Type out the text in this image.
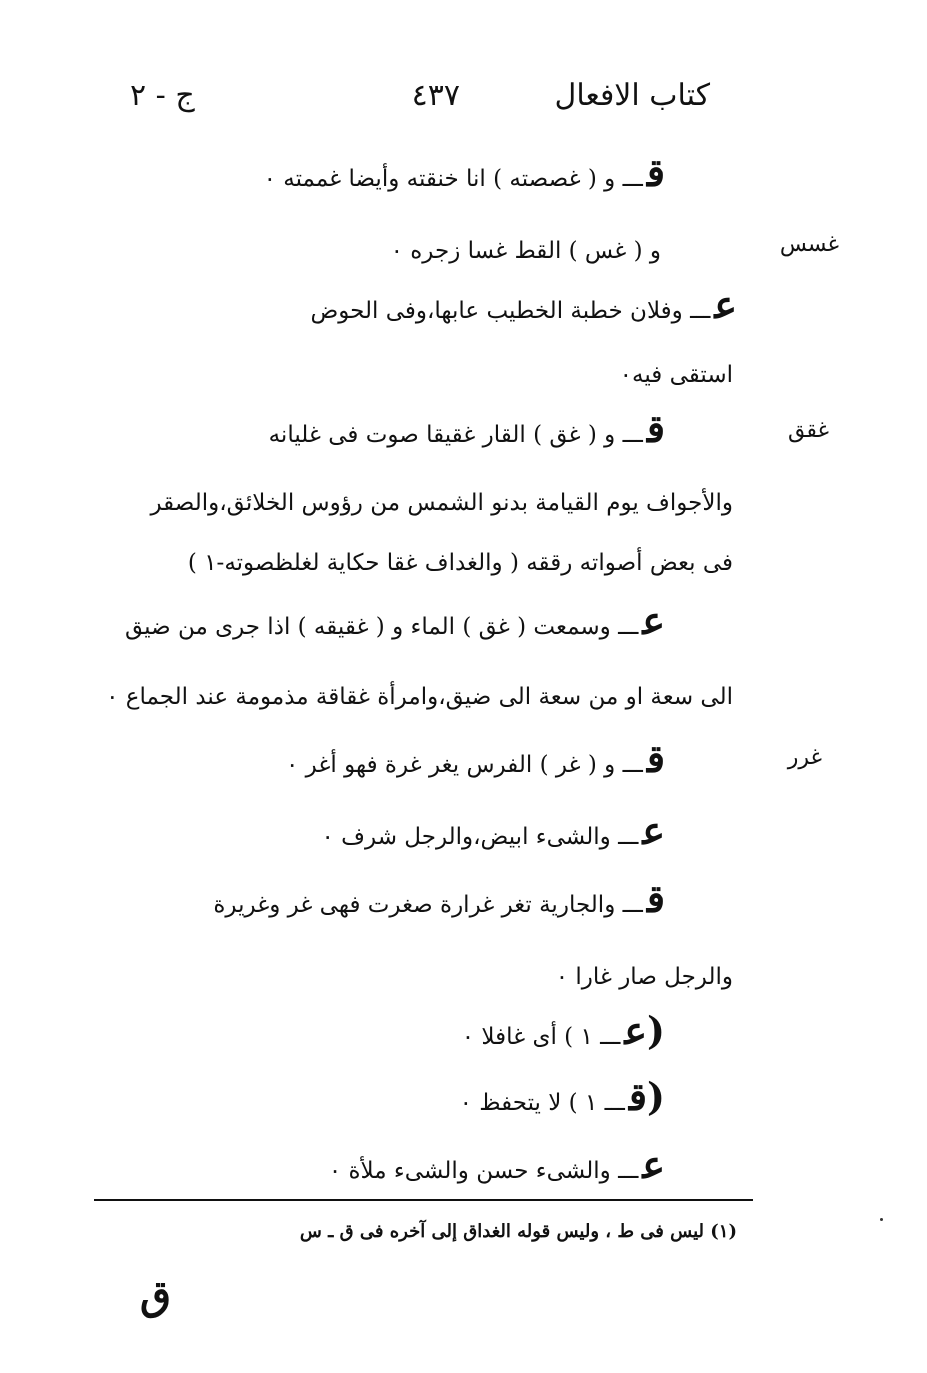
كتاب الافعال
٤٣٧
ج - ٢
غسس
غقق
غرر
قـــ و ( غصصته ) انا خنقته وأيضا غممته ٠
و ( غس ) القط غسا زجره ٠
عـــ وفلان خطبة الخطيب عابها،وفى الحوض
استقى فيه٠
قـــ و ( غق ) القار غقيقا صوت فى غليانه
والأجواف يوم القيامة بدنو الشمس من رؤوس الخلائق،والصقر
فى بعض أصواته رققه ( والغداف غقا حكاية لغلظصوته-١ )
عـــ وسمعت ( غق ) الماء و ( غقيقه ) اذا جرى من ضيق
الى سعة او من سعة الى ضيق،وامرأة غقاقة مذمومة عند الجماع ٠
قـــ و ( غر ) الفرس يغر غرة فهو أغر ٠
عـــ والشىء ابيض،والرجل شرف ٠
قـــ والجارية تغر غرارة صغرت فهى غر وغريرة
والرجل صار غارا ٠
(عـــ ١ ) أى غافلا ٠
(قـــ ١ ) لا يتحفظ ٠
عـــ والشىء حسن والشىء ملأة ٠
(١) ليس فى ط ، وليس قوله الغداق إلى آخره فى ق ـ س
ق
